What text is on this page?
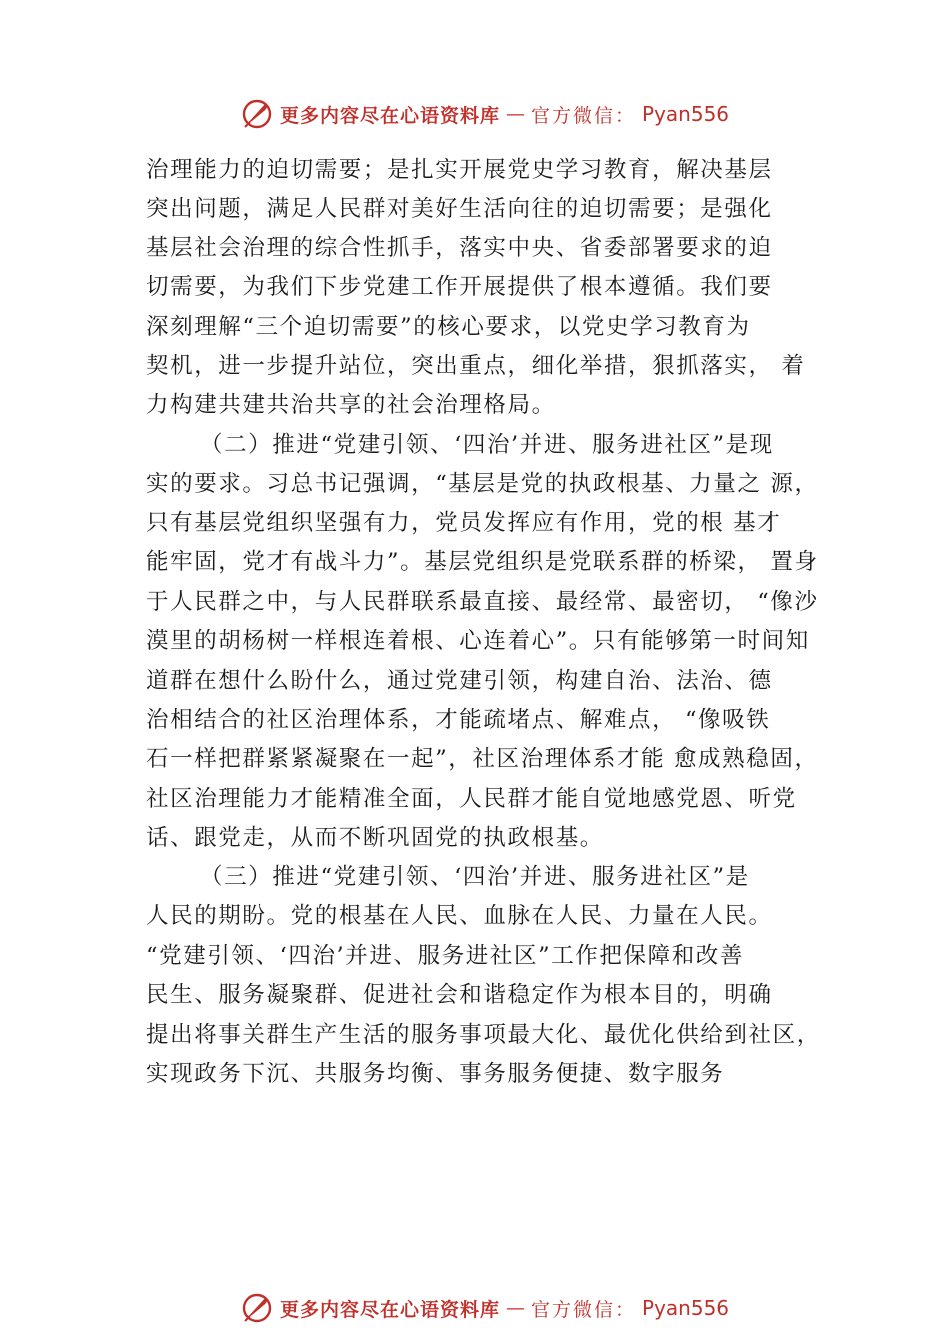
更多内容尽在心语资料库 — 官方微信： Pyan556
治理能力的迫切需要；是扎实开展党史学习教育，解决基层
突出问题，满足人民群对美好生活向往的迫切需要；是强化
基层社会治理的综合性抓手，落实中央、省委部署要求的迫
切需要，为我们下步党建工作开展提供了根本遵循。我们要
深刻理解“三个迫切需要”的核心要求，以党史学习教育为
契机，进一步提升站位，突出重点，细化举措，狠抓落实， 着
力构建共建共治共享的社会治理格局。
（二）推进“党建引领、‘四治’并进、服务进社区”是现
实的要求。习总书记强调，“基层是党的执政根基、力量之 源，
只有基层党组织坚强有力，党员发挥应有作用，党的根 基才
能牢固，党才有战斗力”。基层党组织是党联系群的桥梁， 置身
于人民群之中，与人民群联系最直接、最经常、最密切， “像沙
漠里的胡杨树一样根连着根、心连着心”。只有能够第一时间知
道群在想什么盼什么，通过党建引领，构建自治、法治、德
治相结合的社区治理体系，才能疏堵点、解难点， “像吸铁
石一样把群紧紧凝聚在一起”，社区治理体系才能 愈成熟稳固，
社区治理能力才能精准全面，人民群才能自觉地感党恩、听党
话、跟党走，从而不断巩固党的执政根基。
（三）推进“党建引领、‘四治’并进、服务进社区”是
人民的期盼。党的根基在人民、血脉在人民、力量在人民。
“党建引领、‘四治’并进、服务进社区”工作把保障和改善
民生、服务凝聚群、促进社会和谐稳定作为根本目的，明确
提出将事关群生产生活的服务事项最大化、最优化供给到社区，
实现政务下沉、共服务均衡、事务服务便捷、数字服务
更多内容尽在心语资料库 — 官方微信： Pyan556
